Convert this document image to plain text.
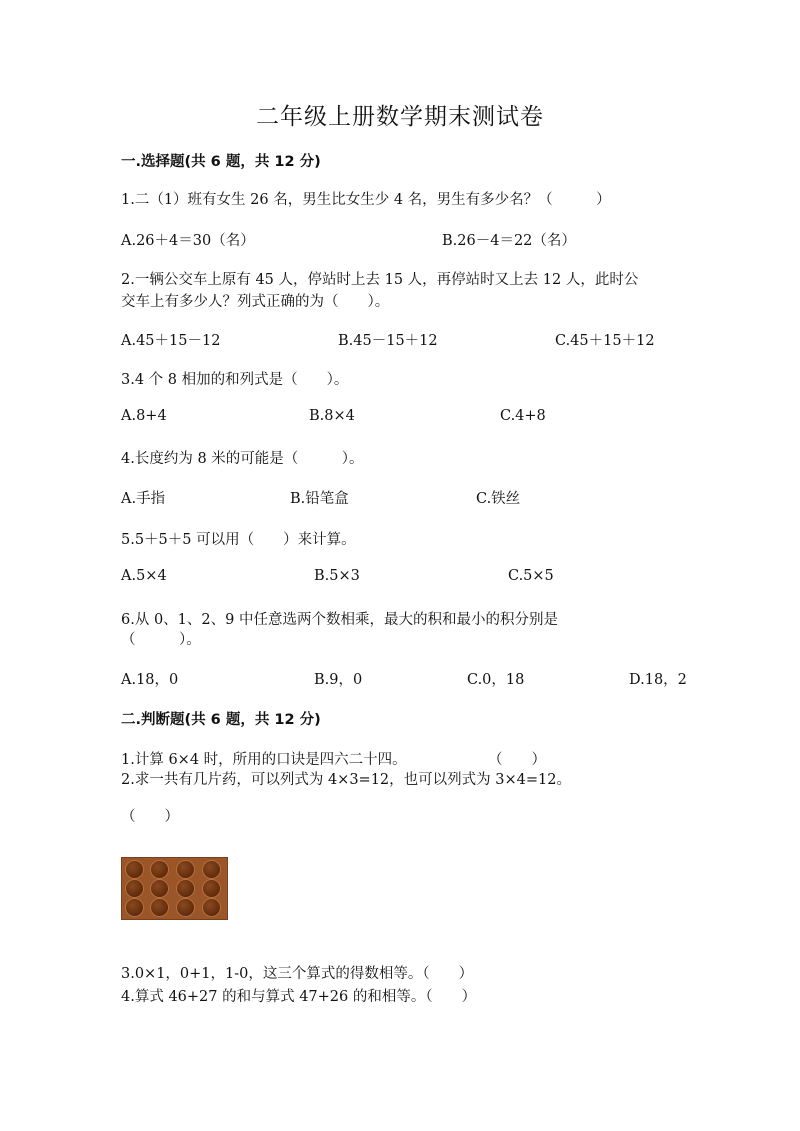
二年级上册数学期末测试卷
一.选择题(共 6 题，共 12 分)
1.二（1）班有女生 26 名，男生比女生少 4 名，男生有多少名？（　　　）
A.26＋4＝30（名）	B.26－4＝22（名）
2.一辆公交车上原有 45 人，停站时上去 15 人，再停站时又上去 12 人，此时公
交车上有多少人？列式正确的为（　　）。
A.45＋15－12	B.45－15＋12	C.45＋15＋12
3.4 个 8 相加的和列式是（　　）。
A.8+4	B.8×4	C.4+8
4.长度约为 8 米的可能是（　　　）。
A.手指	B.铅笔盒	C.铁丝
5.5＋5＋5 可以用（　　）来计算。
A.5×4	B.5×3	C.5×5
6.从 0、1、2、9 中任意选两个数相乘，最大的积和最小的积分别是
（　　　）。
A.18，0	B.9，0	C.0，18	D.18，2
二.判断题(共 6 题，共 12 分)
1.计算 6×4 时，所用的口诀是四六二十四。	（　　）
2.求一共有几片药，可以列式为 4×3=12，也可以列式为 3×4=12。
（　　）
3.0×1，0+1，1-0，这三个算式的得数相等。（　　）
4.算式 46+27 的和与算式 47+26 的和相等。（　　）
